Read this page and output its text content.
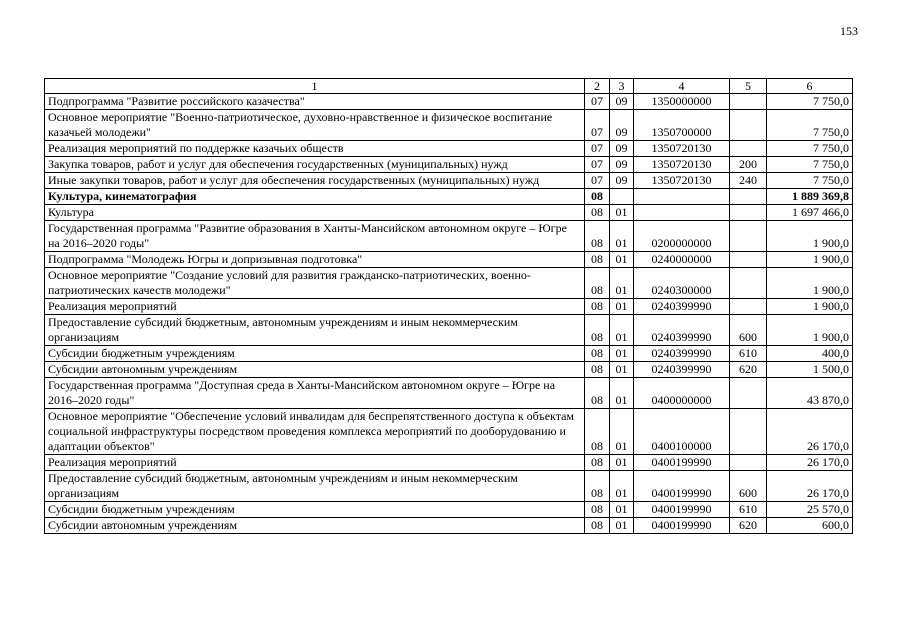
153
1	2	3	4	5	6
Подпрограмма "Развитие российского казачества"	07	09	1350000000		7 750,0
Основное мероприятие "Военно-патриотическое, духовно-нравственное и физическое воспитание казачьей молодежи"	07	09	1350700000		7 750,0
Реализация мероприятий по поддержке казачьих обществ	07	09	1350720130		7 750,0
Закупка товаров, работ и услуг для обеспечения государственных (муниципальных) нужд	07	09	1350720130	200	7 750,0
Иные закупки товаров, работ и услуг для обеспечения государственных (муниципальных) нужд	07	09	1350720130	240	7 750,0
Культура, кинематография	08				1 889 369,8
Культура	08	01			1 697 466,0
Государственная программа "Развитие образования в Ханты-Мансийском автономном округе – Югре на 2016–2020 годы"	08	01	0200000000		1 900,0
Подпрограмма "Молодежь Югры и допризывная подготовка"	08	01	0240000000		1 900,0
Основное мероприятие "Создание условий для развития гражданско-патриотических, военно-патриотических качеств молодежи"	08	01	0240300000		1 900,0
Реализация мероприятий	08	01	0240399990		1 900,0
Предоставление субсидий бюджетным, автономным учреждениям и иным некоммерческим организациям	08	01	0240399990	600	1 900,0
Субсидии бюджетным учреждениям	08	01	0240399990	610	400,0
Субсидии автономным учреждениям	08	01	0240399990	620	1 500,0
Государственная программа "Доступная среда в Ханты-Мансийском автономном округе – Югре на 2016–2020 годы"	08	01	0400000000		43 870,0
Основное мероприятие "Обеспечение условий инвалидам для беспрепятственного доступа к объектам социальной инфраструктуры посредством проведения комплекса мероприятий по дооборудованию и адаптации объектов"	08	01	0400100000		26 170,0
Реализация мероприятий	08	01	0400199990		26 170,0
Предоставление субсидий бюджетным, автономным учреждениям и иным некоммерческим организациям	08	01	0400199990	600	26 170,0
Субсидии бюджетным учреждениям	08	01	0400199990	610	25 570,0
Субсидии автономным учреждениям	08	01	0400199990	620	600,0
